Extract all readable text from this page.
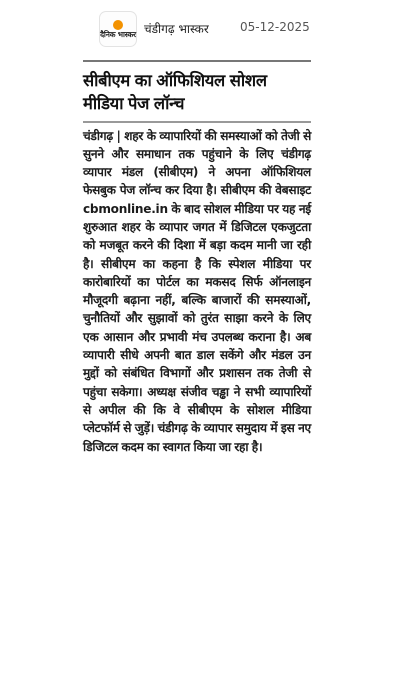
दैनिक भास्कर चंडीगढ़ भास्कर	05-12-2025
सीबीएम का ऑफिशियल सोशल मीडिया पेज लॉन्च

चंडीगढ़ | शहर के व्यापारियों की समस्याओं को तेजी से सुनने और समाधान तक पहुंचाने के लिए चंडीगढ़ व्यापार मंडल (सीबीएम) ने अपना ऑफिशियल फेसबुक पेज लॉन्च कर दिया है। सीबीएम की वेबसाइट cbmonline.in के बाद सोशल मीडिया पर यह नई शुरुआत शहर के व्यापार जगत में डिजिटल एकजुटता को मजबूत करने की दिशा में बड़ा कदम मानी जा रही है। सीबीएम का कहना है कि स्पेशल मीडिया पर कारोबारियों का पोर्टल का मकसद सिर्फ ऑनलाइन मौजूदगी बढ़ाना नहीं, बल्कि बाजारों की समस्याओं, चुनौतियों और सुझावों को तुरंत साझा करने के लिए एक आसान और प्रभावी मंच उपलब्ध कराना है। अब व्यापारी सीधे अपनी बात डाल सकेंगे और मंडल उन मुद्दों को संबंधित विभागों और प्रशासन तक तेजी से पहुंचा सकेगा। अध्यक्ष संजीव चड्ढा ने सभी व्यापारियों से अपील की कि वे सीबीएम के सोशल मीडिया प्लेटफॉर्म से जुड़ें। चंडीगढ़ के व्यापार समुदाय में इस नए डिजिटल कदम का स्वागत किया जा रहा है।
